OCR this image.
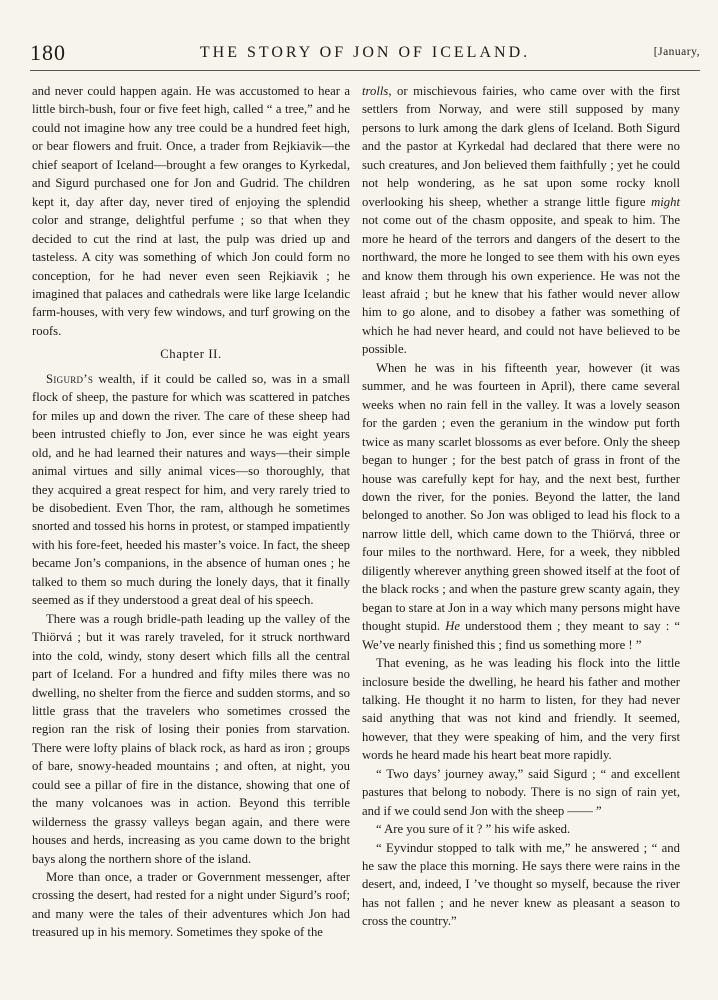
180	THE STORY OF JON OF ICELAND.	[January,

and never could happen again. He was accustomed to hear a little birch-bush, four or five feet high, called “ a tree,” and he could not imagine how any tree could be a hundred feet high, or bear flowers and fruit. Once, a trader from Rejkiavik—the chief seaport of Iceland—brought a few oranges to Kyrkedal, and Sigurd purchased one for Jon and Gudrid. The children kept it, day after day, never tired of enjoying the splendid color and strange, delightful perfume ; so that when they decided to cut the rind at last, the pulp was dried up and tasteless. A city was something of which Jon could form no conception, for he had never even seen Rejkiavik ; he imagined that palaces and cathedrals were like large Icelandic farm-houses, with very few windows, and turf growing on the roofs.

Chapter II.

Sigurd’s wealth, if it could be called so, was in a small flock of sheep, the pasture for which was scattered in patches for miles up and down the river. The care of these sheep had been intrusted chiefly to Jon, ever since he was eight years old, and he had learned their natures and ways—their simple animal virtues and silly animal vices—so thoroughly, that they acquired a great respect for him, and very rarely tried to be disobedient. Even Thor, the ram, although he sometimes snorted and tossed his horns in protest, or stamped impatiently with his fore-feet, heeded his master’s voice. In fact, the sheep became Jon’s companions, in the absence of human ones ; he talked to them so much during the lonely days, that it finally seemed as if they understood a great deal of his speech.

There was a rough bridle-path leading up the valley of the Thiörvá ; but it was rarely traveled, for it struck northward into the cold, windy, stony desert which fills all the central part of Iceland. For a hundred and fifty miles there was no dwelling, no shelter from the fierce and sudden storms, and so little grass that the travelers who sometimes crossed the region ran the risk of losing their ponies from starvation. There were lofty plains of black rock, as hard as iron ; groups of bare, snowy-headed mountains ; and often, at night, you could see a pillar of fire in the distance, showing that one of the many volcanoes was in action. Beyond this terrible wilderness the grassy valleys began again, and there were houses and herds, increasing as you came down to the bright bays along the northern shore of the island.

More than once, a trader or Government messenger, after crossing the desert, had rested for a night under Sigurd’s roof; and many were the tales of their adventures which Jon had treasured up in his memory. Sometimes they spoke of the

trolls, or mischievous fairies, who came over with the first settlers from Norway, and were still supposed by many persons to lurk among the dark glens of Iceland. Both Sigurd and the pastor at Kyrkedal had declared that there were no such creatures, and Jon believed them faithfully ; yet he could not help wondering, as he sat upon some rocky knoll overlooking his sheep, whether a strange little figure might not come out of the chasm opposite, and speak to him. The more he heard of the terrors and dangers of the desert to the northward, the more he longed to see them with his own eyes and know them through his own experience. He was not the least afraid ; but he knew that his father would never allow him to go alone, and to disobey a father was something of which he had never heard, and could not have believed to be possible.

When he was in his fifteenth year, however (it was summer, and he was fourteen in April), there came several weeks when no rain fell in the valley. It was a lovely season for the garden ; even the geranium in the window put forth twice as many scarlet blossoms as ever before. Only the sheep began to hunger ; for the best patch of grass in front of the house was carefully kept for hay, and the next best, further down the river, for the ponies. Beyond the latter, the land belonged to another. So Jon was obliged to lead his flock to a narrow little dell, which came down to the Thiörvá, three or four miles to the northward. Here, for a week, they nibbled diligently wherever anything green showed itself at the foot of the black rocks ; and when the pasture grew scanty again, they began to stare at Jon in a way which many persons might have thought stupid. He understood them ; they meant to say : “ We’ve nearly finished this ; find us something more ! ”

That evening, as he was leading his flock into the little inclosure beside the dwelling, he heard his father and mother talking. He thought it no harm to listen, for they had never said anything that was not kind and friendly. It seemed, however, that they were speaking of him, and the very first words he heard made his heart beat more rapidly.

“ Two days’ journey away,” said Sigurd ; “ and excellent pastures that belong to nobody. There is no sign of rain yet, and if we could send Jon with the sheep —— ”

“ Are you sure of it ? ” his wife asked.

“ Eyvindur stopped to talk with me,” he answered ; “ and he saw the place this morning. He says there were rains in the desert, and, indeed, I ’ve thought so myself, because the river has not fallen ; and he never knew as pleasant a season to cross the country.”
